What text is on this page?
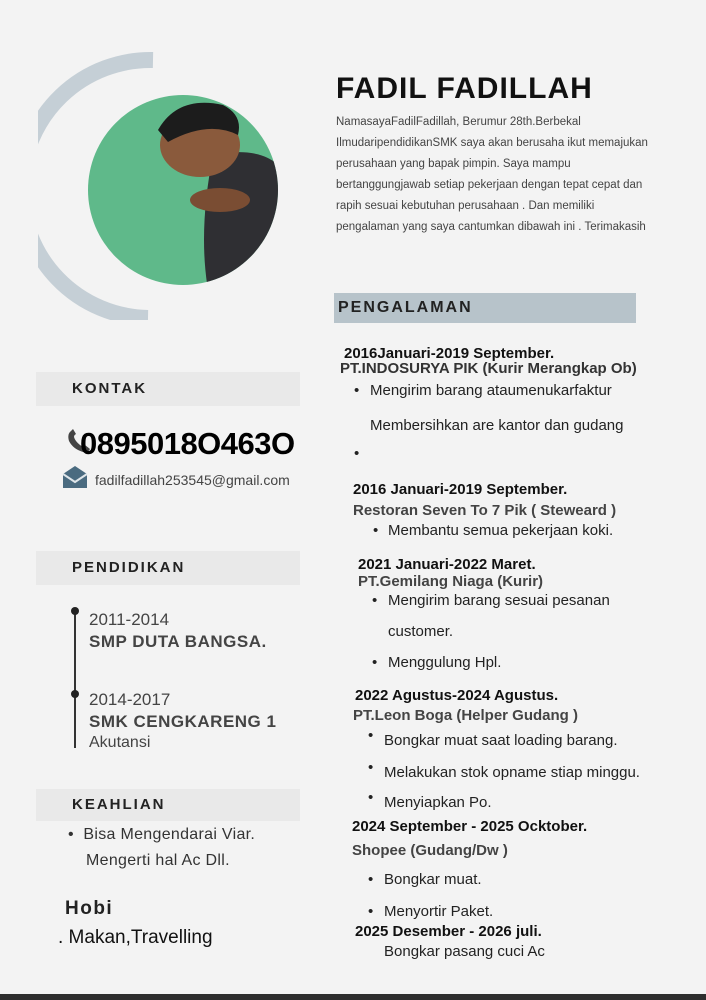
FADIL FADILLAH
NamasayaFadilFadillah, Berumur 28th.Berbekal IlmudaripendidikanSMK saya akan berusaha ikut memajukan perusahaan yang bapak pimpin. Saya mampu bertanggungjawab setiap pekerjaan dengan tepat cepat dan rapih sesuai kebutuhan perusahaan . Dan memiliki pengalaman yang saya cantumkan dibawah ini . Terimakasih
KONTAK
0895018O463O
fadilfadillah253545@gmail.com
PENDIDIKAN
2011-2014
SMP DUTA BANGSA.
2014-2017
SMK CENGKARENG 1
Akutansi
KEAHLIAN
•  Bisa Mengendarai Viar.
Mengerti hal Ac Dll.
Hobi
. Makan,Travelling
PENGALAMAN
2016Januari-2019 September.
PT.INDOSURYA PIK (Kurir Merangkap Ob)
• Mengirim barang ataumenukarfaktur
Membersihkan are kantor dan gudang
•
2016 Januari-2019 September.
Restoran Seven To 7 Pik ( Steweard )
• Membantu semua pekerjaan koki.
2021 Januari-2022 Maret.
PT.Gemilang Niaga (Kurir)
• Mengirim barang sesuai pesanan
customer.
• Menggulung Hpl.
2022 Agustus-2024 Agustus.
PT.Leon Boga (Helper Gudang )
• Bongkar muat saat loading barang.
• Melakukan stok opname stiap minggu.
• Menyiapkan Po.
2024 September - 2025 Ocktober.
Shopee (Gudang/Dw )
• Bongkar muat.
• Menyortir Paket.
2025 Desember - 2026 juli.
Bongkar pasang cuci Ac
